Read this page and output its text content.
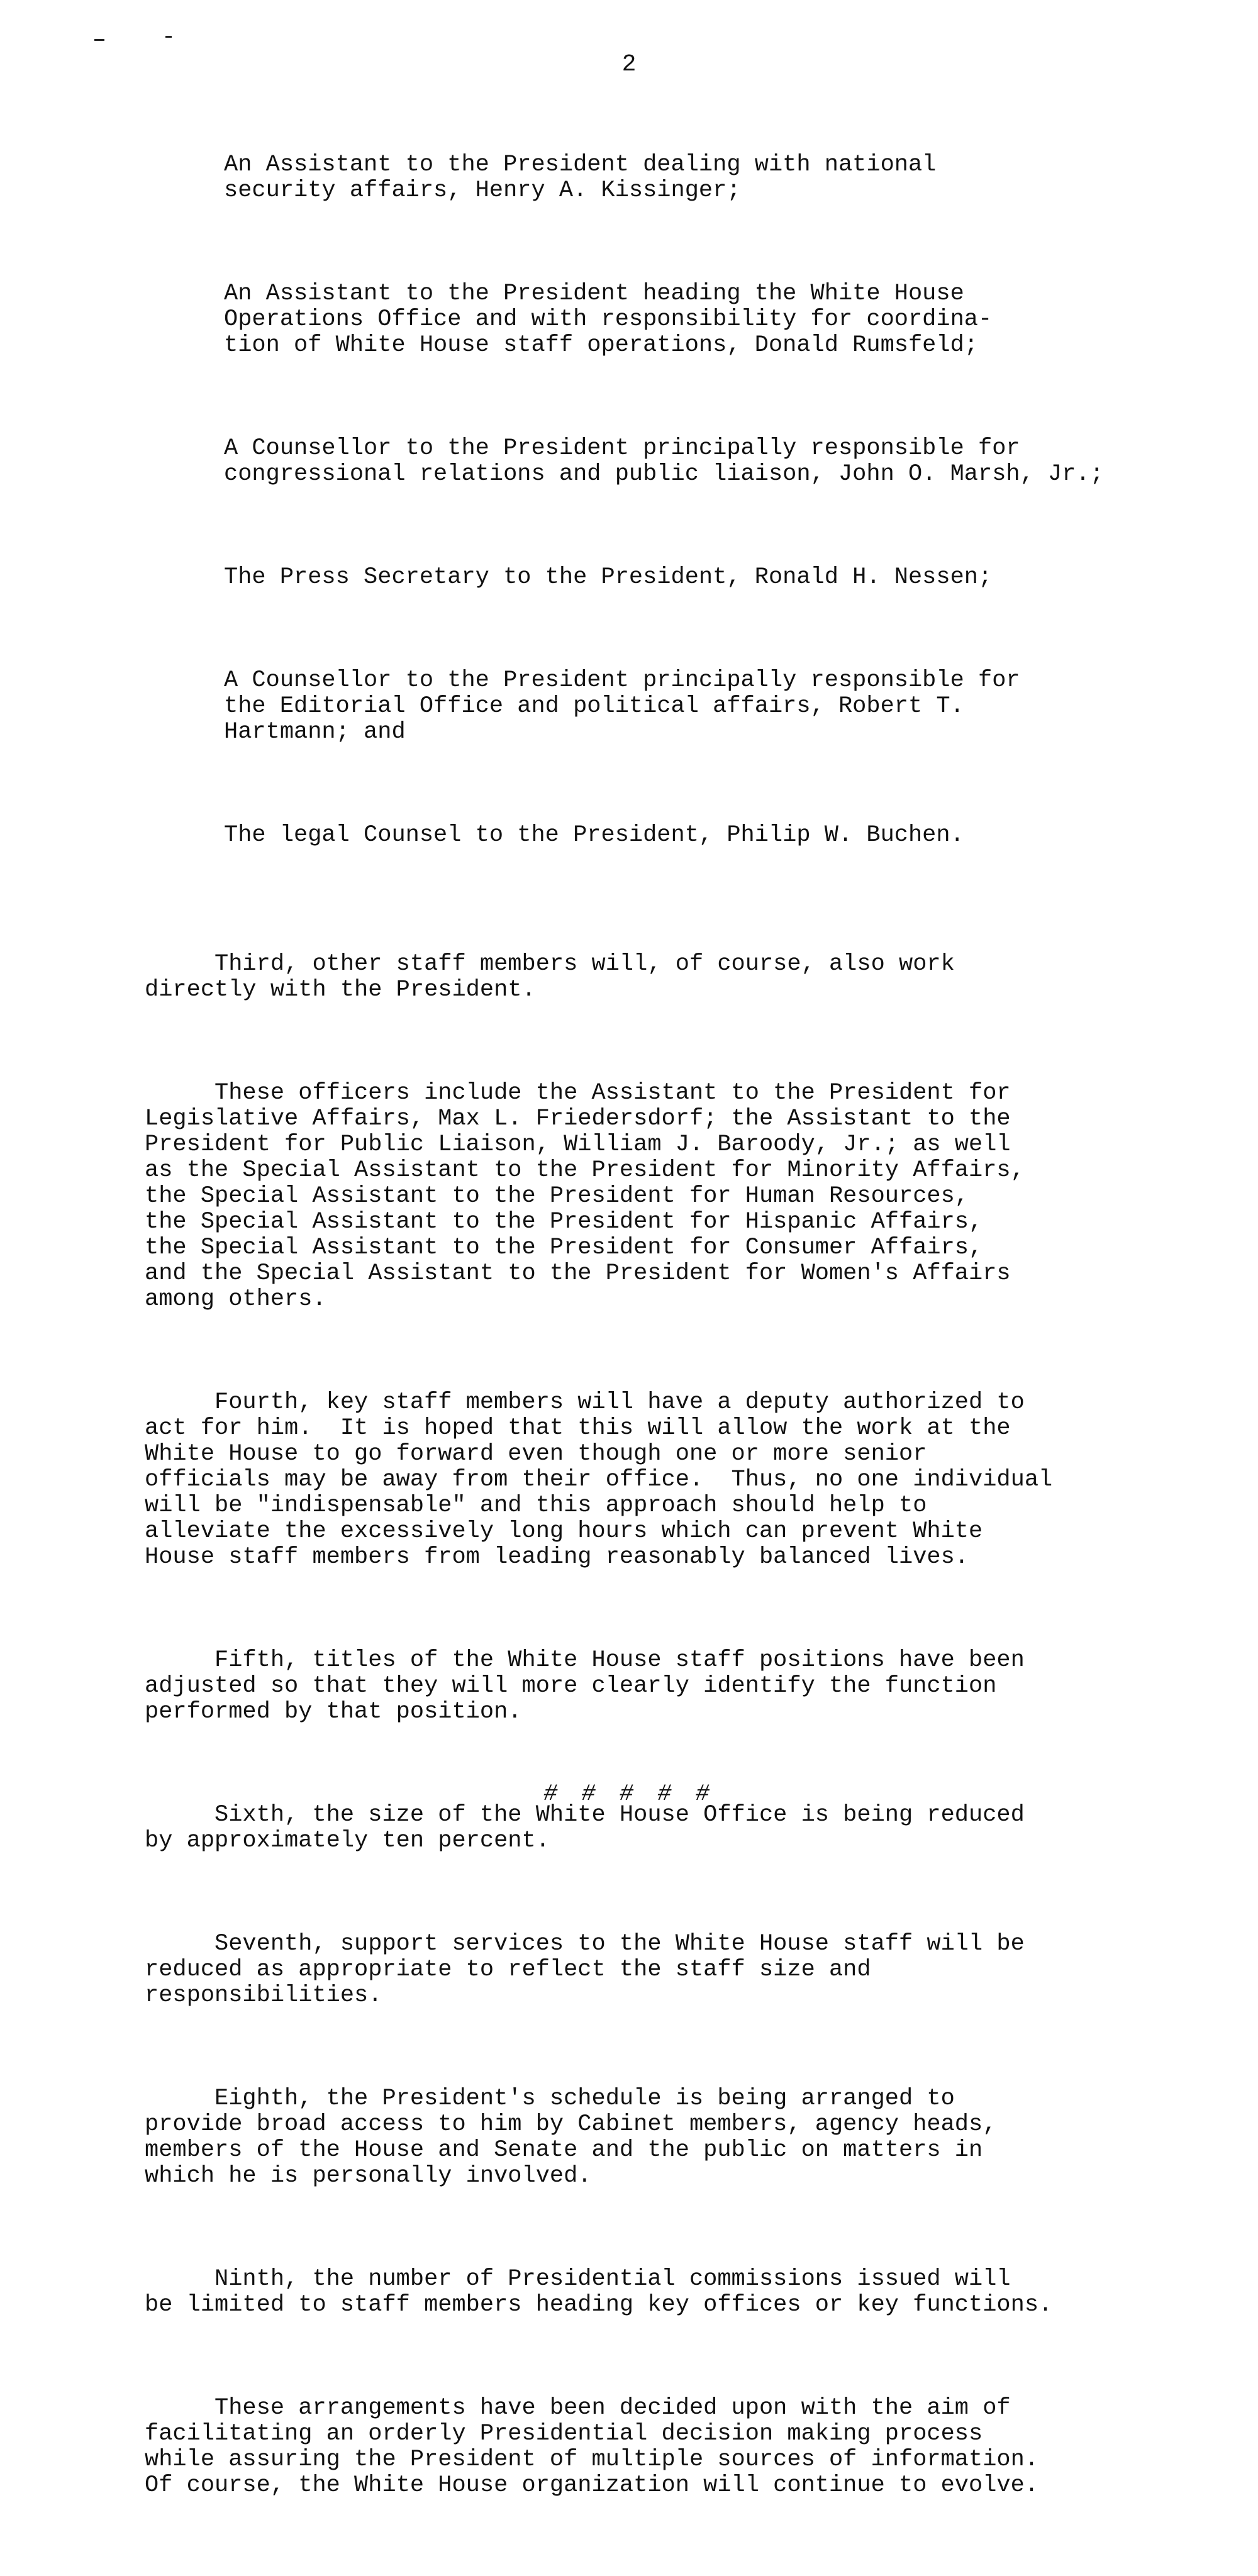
2

An Assistant to the President dealing with national
security affairs, Henry A. Kissinger;

An Assistant to the President heading the White House
Operations Office and with responsibility for coordina-
tion of White House staff operations, Donald Rumsfeld;

A Counsellor to the President principally responsible for
congressional relations and public liaison, John O. Marsh, Jr.;

The Press Secretary to the President, Ronald H. Nessen;

A Counsellor to the President principally responsible for
the Editorial Office and political affairs, Robert T.
Hartmann; and

The legal Counsel to the President, Philip W. Buchen.

Third, other staff members will, of course, also work
directly with the President.

These officers include the Assistant to the President for
Legislative Affairs, Max L. Friedersdorf; the Assistant to the
President for Public Liaison, William J. Baroody, Jr.; as well
as the Special Assistant to the President for Minority Affairs,
the Special Assistant to the President for Human Resources,
the Special Assistant to the President for Hispanic Affairs,
the Special Assistant to the President for Consumer Affairs,
and the Special Assistant to the President for Women's Affairs
among others.

Fourth, key staff members will have a deputy authorized to
act for him.  It is hoped that this will allow the work at the
White House to go forward even though one or more senior
officials may be away from their office.  Thus, no one individual
will be "indispensable" and this approach should help to
alleviate the excessively long hours which can prevent White
House staff members from leading reasonably balanced lives.

Fifth, titles of the White House staff positions have been
adjusted so that they will more clearly identify the function
performed by that position.

Sixth, the size of the White House Office is being reduced
by approximately ten percent.

Seventh, support services to the White House staff will be
reduced as appropriate to reflect the staff size and
responsibilities.

Eighth, the President's schedule is being arranged to
provide broad access to him by Cabinet members, agency heads,
members of the House and Senate and the public on matters in
which he is personally involved.

Ninth, the number of Presidential commissions issued will
be limited to staff members heading key offices or key functions.

These arrangements have been decided upon with the aim of
facilitating an orderly Presidential decision making process
while assuring the President of multiple sources of information.
Of course, the White House organization will continue to evolve.

# # # # #
